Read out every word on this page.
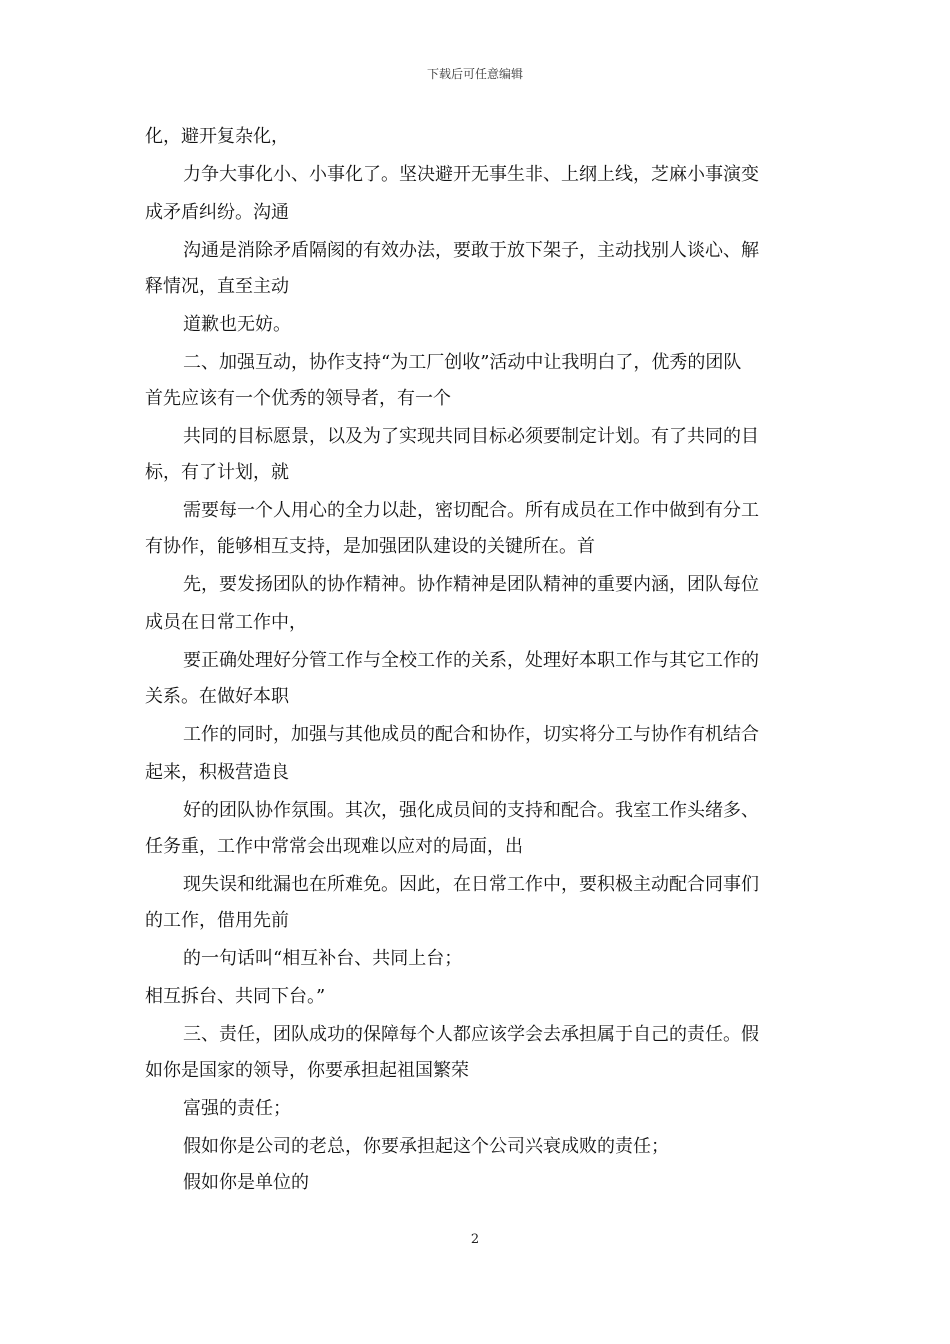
下载后可任意编辑
化，避开复杂化，
力争大事化小、小事化了。坚决避开无事生非、上纲上线，芝麻小事演变
成矛盾纠纷。沟通
沟通是消除矛盾隔阂的有效办法，要敢于放下架子，主动找别人谈心、解
释情况，直至主动
道歉也无妨。
二、加强互动，协作支持“为工厂创收”活动中让我明白了，优秀的团队
首先应该有一个优秀的领导者，有一个
共同的目标愿景，以及为了实现共同目标必须要制定计划。有了共同的目
标，有了计划，就
需要每一个人用心的全力以赴，密切配合。所有成员在工作中做到有分工
有协作，能够相互支持，是加强团队建设的关键所在。首
先，要发扬团队的协作精神。协作精神是团队精神的重要内涵，团队每位
成员在日常工作中，
要正确处理好分管工作与全校工作的关系，处理好本职工作与其它工作的
关系。在做好本职
工作的同时，加强与其他成员的配合和协作，切实将分工与协作有机结合
起来，积极营造良
好的团队协作氛围。其次，强化成员间的支持和配合。我室工作头绪多、
任务重，工作中常常会出现难以应对的局面，出
现失误和纰漏也在所难免。因此，在日常工作中，要积极主动配合同事们
的工作，借用先前
的一句话叫“相互补台、共同上台；
相互拆台、共同下台。”
三、责任，团队成功的保障每个人都应该学会去承担属于自己的责任。假
如你是国家的领导，你要承担起祖国繁荣
富强的责任；
假如你是公司的老总，你要承担起这个公司兴衰成败的责任；
假如你是单位的
2
